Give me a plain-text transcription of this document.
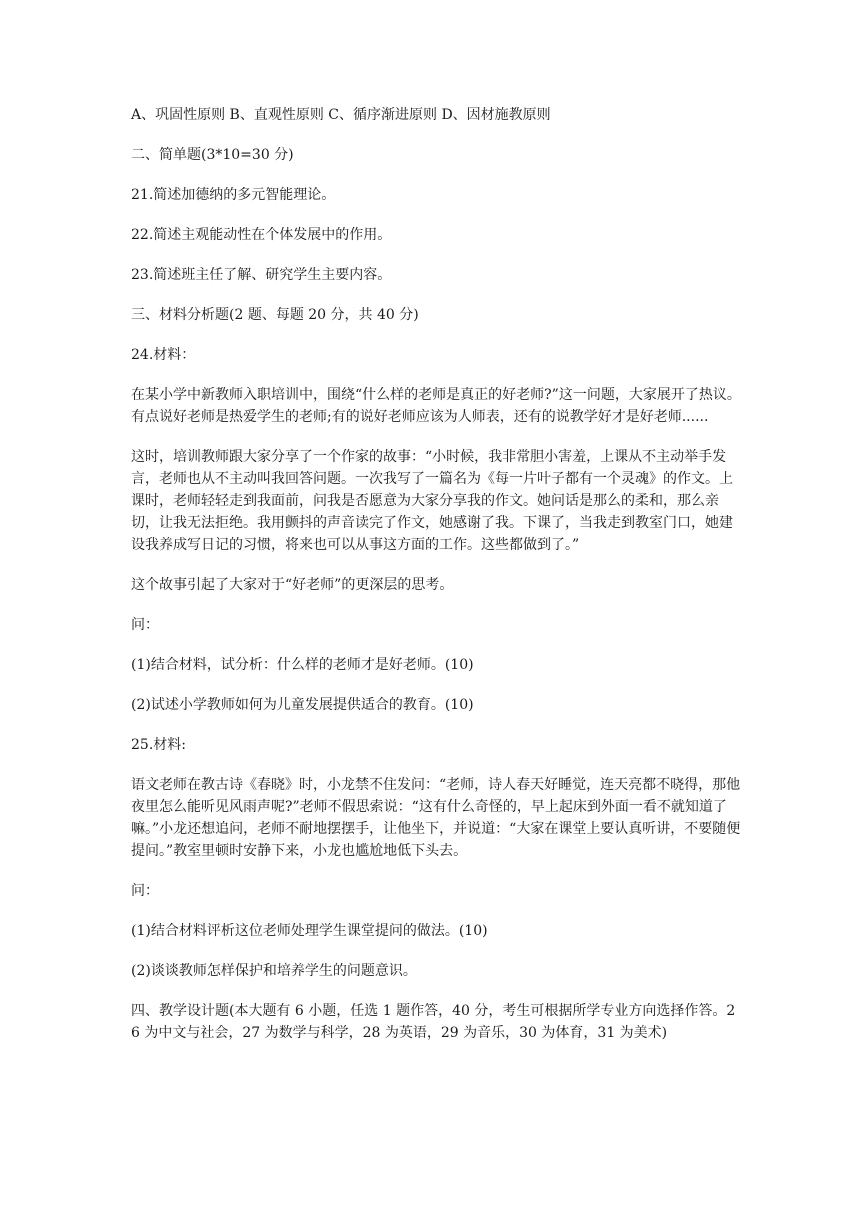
A、巩固性原则 B、直观性原则 C、循序渐进原则 D、因材施教原则

二、简单题(3*10=30 分)

21.简述加德纳的多元智能理论。

22.简述主观能动性在个体发展中的作用。

23.简述班主任了解、研究学生主要内容。

三、材料分析题(2 题、每题 20 分，共 40 分)

24.材料：

在某小学中新教师入职培训中，围绕“什么样的老师是真正的好老师?”这一问题，大家展开了热议。有点说好老师是热爱学生的老师;有的说好老师应该为人师表，还有的说教学好才是好老师......

这时，培训教师跟大家分享了一个作家的故事：“小时候，我非常胆小害羞，上课从不主动举手发言，老师也从不主动叫我回答问题。一次我写了一篇名为《每一片叶子都有一个灵魂》的作文。上课时，老师轻轻走到我面前，问我是否愿意为大家分享我的作文。她问话是那么的柔和，那么亲切，让我无法拒绝。我用颤抖的声音读完了作文，她感谢了我。下课了，当我走到教室门口，她建设我养成写日记的习惯，将来也可以从事这方面的工作。这些都做到了。”

这个故事引起了大家对于“好老师”的更深层的思考。

问：

(1)结合材料，试分析：什么样的老师才是好老师。(10)

(2)试述小学教师如何为儿童发展提供适合的教育。(10)

25.材料:

语文老师在教古诗《春晓》时，小龙禁不住发问：“老师，诗人春天好睡觉，连天亮都不晓得，那他夜里怎么能听见风雨声呢?”老师不假思索说：“这有什么奇怪的，早上起床到外面一看不就知道了嘛。”小龙还想追问，老师不耐地摆摆手，让他坐下，并说道：“大家在课堂上要认真听讲，不要随便提问。”教室里顿时安静下来，小龙也尴尬地低下头去。

问：

(1)结合材料评析这位老师处理学生课堂提问的做法。(10)

(2)谈谈教师怎样保护和培养学生的问题意识。

四、教学设计题(本大题有 6 小题，任选 1 题作答，40 分，考生可根据所学专业方向选择作答。26 为中文与社会，27 为数学与科学，28 为英语，29 为音乐，30 为体育，31 为美术)
